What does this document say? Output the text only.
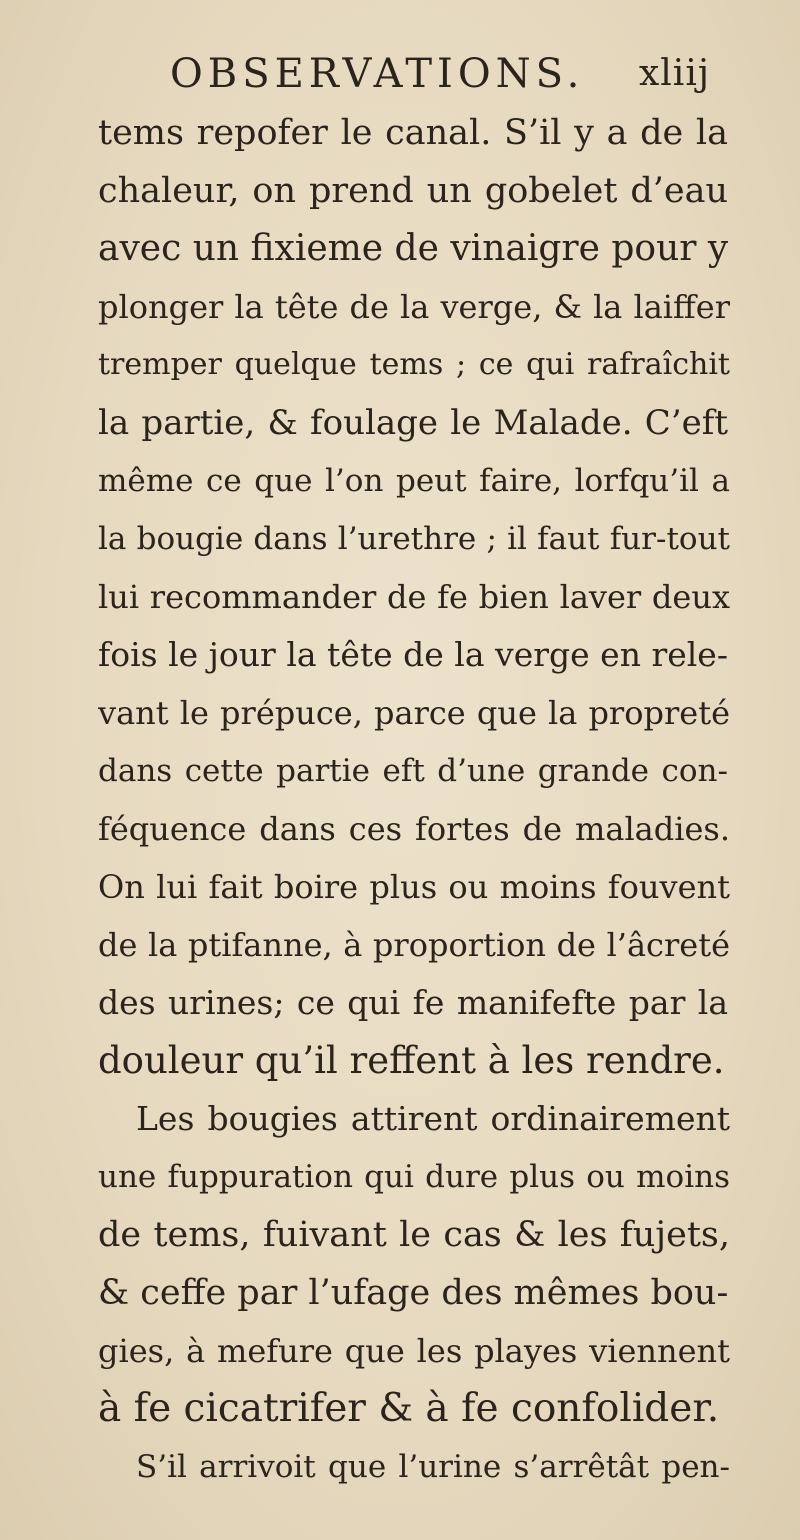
OBSERVATIONS. xliij
tems repofer le canal. S’il y a de la
chaleur, on prend un gobelet d’eau
avec un fixieme de vinaigre pour y
plonger la tête de la verge, & la laiffer
tremper quelque tems ; ce qui rafraîchit
la partie, & foulage le Malade. C’eft
même ce que l’on peut faire, lorfqu’il a
la bougie dans l’urethre ; il faut fur-tout
lui recommander de fe bien laver deux
fois le jour la tête de la verge en rele-
vant le prépuce, parce que la propreté
dans cette partie eft d’une grande con-
féquence dans ces fortes de maladies.
On lui fait boire plus ou moins fouvent
de la ptifanne, à proportion de l’âcreté
des urines; ce qui fe manifefte par la
douleur qu’il reffent à les rendre.
Les bougies attirent ordinairement
une fuppuration qui dure plus ou moins
de tems, fuivant le cas & les fujets,
& ceffe par l’ufage des mêmes bou-
gies, à mefure que les playes viennent
à fe cicatrifer & à fe confolider.
S’il arrivoit que l’urine s’arrêtât pen-
